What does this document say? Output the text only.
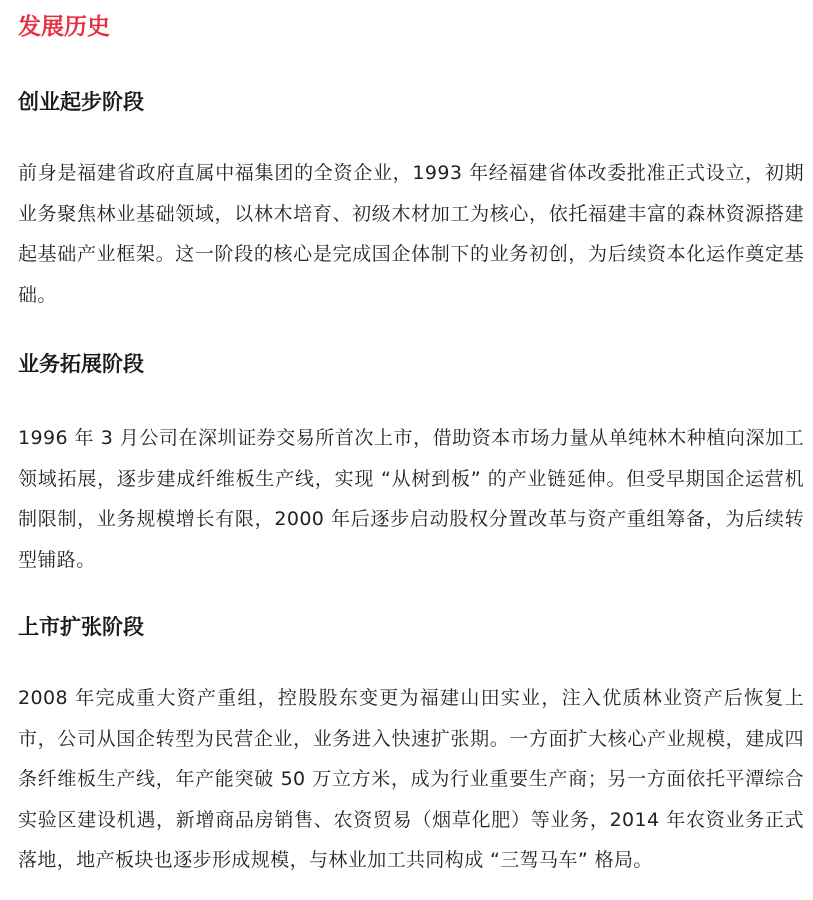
发展历史
创业起步阶段

前身是福建省政府直属中福集团的全资企业，1993 年经福建省体改委批准正式设立，初期业务聚焦林业基础领域，以林木培育、初级木材加工为核心，依托福建丰富的森林资源搭建起基础产业框架。这一阶段的核心是完成国企体制下的业务初创，为后续资本化运作奠定基础。

业务拓展阶段

1996 年 3 月公司在深圳证券交易所首次上市，借助资本市场力量从单纯林木种植向深加工领域拓展，逐步建成纤维板生产线，实现 “从树到板” 的产业链延伸。但受早期国企运营机制限制，业务规模增长有限，2000 年后逐步启动股权分置改革与资产重组筹备，为后续转型铺路。

上市扩张阶段

2008 年完成重大资产重组，控股股东变更为福建山田实业，注入优质林业资产后恢复上市，公司从国企转型为民营企业，业务进入快速扩张期。一方面扩大核心产业规模，建成四条纤维板生产线，年产能突破 50 万立方米，成为行业重要生产商；另一方面依托平潭综合实验区建设机遇，新增商品房销售、农资贸易（烟草化肥）等业务，2014 年农资业务正式落地，地产板块也逐步形成规模，与林业加工共同构成 “三驾马车” 格局。
